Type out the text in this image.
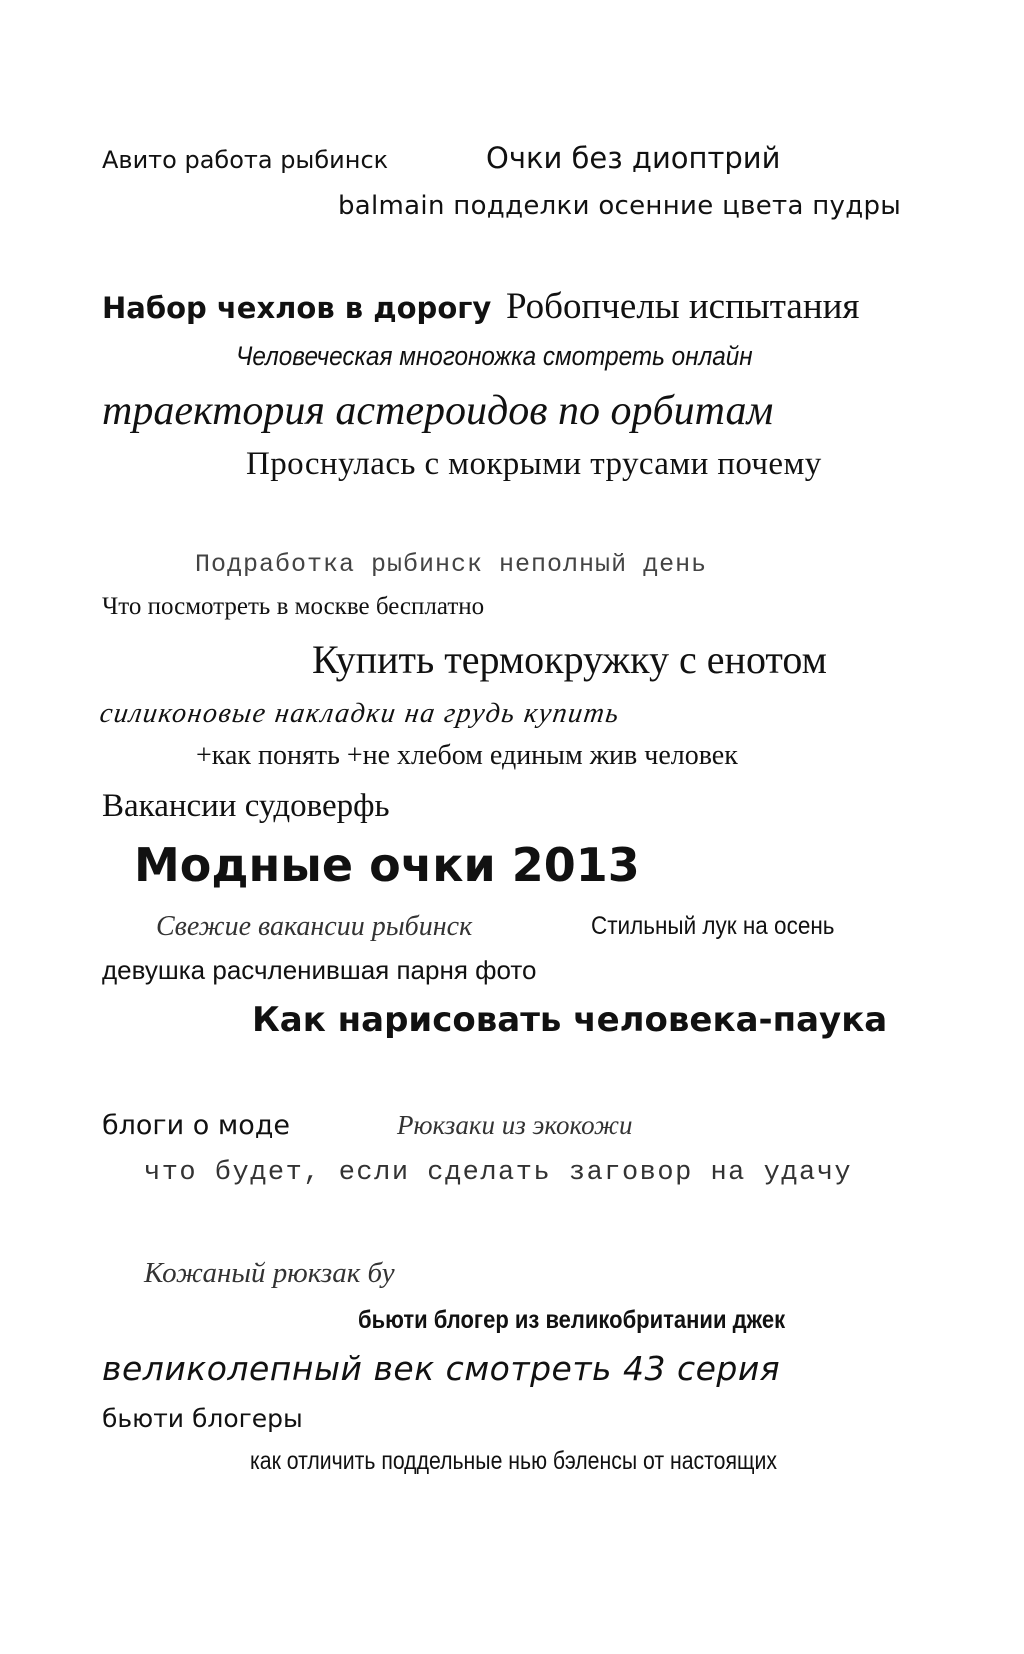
Авито работа рыбинск	Очки без диоптрий
balmain подделки осенние цвета пудры
Набор чехлов в дорогу Робопчелы испытания
Человеческая многоножка смотреть онлайн
траектория астероидов по орбитам
Проснулась с мокрыми трусами почему
Подработка рыбинск неполный день
Что посмотреть в москве бесплатно
Купить термокружку с енотом
силиконовые накладки на грудь купить
+как понять +не хлебом единым жив человек
Вакансии судоверфь
Модные очки 2013
Свежие вакансии рыбинск	Стильный лук на осень
девушка расчленившая парня фото
Как нарисовать человека-паука
блоги о моде	Рюкзаки из экокожи
что будет, если сделать заговор на удачу
Кожаный рюкзак бу
бьюти блогер из великобритании джек
великолепный век смотреть 43 серия
бьюти блогеры
как отличить поддельные нью бэленсы от настоящих
